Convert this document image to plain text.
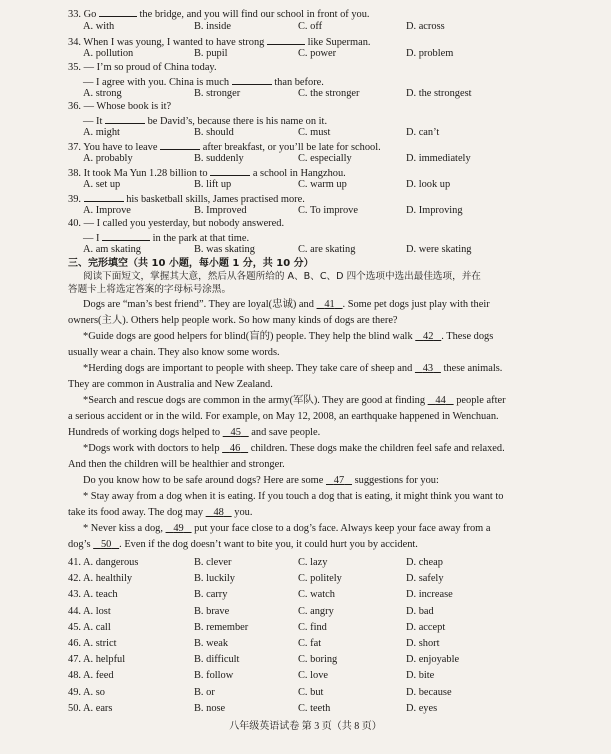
33. Go	the bridge, and you will find our school in front of you.
A. with	B. inside	C. off	D. across
34. When I was young, I wanted to have strong	like Superman.
A. pollution	B. pupil	C. power	D. problem
35. — I’m so proud of China today.
— I agree with you. China is much	than before.
A. strong	B. stronger	C. the stronger	D. the strongest
36. — Whose book is it?
— It	be David’s, because there is his name on it.
A. might	B. should	C. must	D. can’t
37. You have to leave	after breakfast, or you’ll be late for school.
A. probably	B. suddenly	C. especially	D. immediately
38. It took Ma Yun 1.28 billion to	a school in Hangzhou.
A. set up	B. lift up	C. warm up	D. look up
39.	his basketball skills, James practised more.
A. Improve	B. Improved	C. To improve	D. Improving
40. — I called you yesterday, but nobody answered.
— I	in the park at that time.
A. am skating	B. was skating	C. are skating	D. were skating
三、完形填空（共 10 小题，每小题 1 分，共 10 分）
阅读下面短文，掌握其大意，然后从各题所给的 A、B、C、D 四个选项中选出最佳选项，并在
答题卡上将选定答案的字母标号涂黑。
Dogs are “man’s best friend”. They are loyal(忠诚) and 41 . Some pet dogs just play with their
owners(主人). Others help people work. So how many kinds of dogs are there?
*Guide dogs are good helpers for blind(盲的) people. They help the blind walk 42 . These dogs
usually wear a chain. They also know some words.
*Herding dogs are important to people with sheep. They take care of sheep and 43 these animals.
They are common in Australia and New Zealand.
*Search and rescue dogs are common in the army(军队). They are good at finding 44 people after
a serious accident or in the wild. For example, on May 12, 2008, an earthquake happened in Wenchuan.
Hundreds of working dogs helped to 45 and save people.
*Dogs work with doctors to help 46 children. These dogs make the children feel safe and relaxed.
And then the children will be healthier and stronger.
Do you know how to be safe around dogs? Here are some 47 suggestions for you:
* Stay away from a dog when it is eating. If you touch a dog that is eating, it might think you want to
take its food away. The dog may 48 you.
* Never kiss a dog, 49 put your face close to a dog’s face. Always keep your face away from a
dog’s 50 . Even if the dog doesn’t want to bite you, it could hurt you by accident.
41. A. dangerous	B. clever	C. lazy	D. cheap
42. A. healthily	B. luckily	C. politely	D. safely
43. A. teach	B. carry	C. watch	D. increase
44. A. lost	B. brave	C. angry	D. bad
45. A. call	B. remember	C. find	D. accept
46. A. strict	B. weak	C. fat	D. short
47. A. helpful	B. difficult	C. boring	D. enjoyable
48. A. feed	B. follow	C. love	D. bite
49. A. so	B. or	C. but	D. because
50. A. ears	B. nose	C. teeth	D. eyes
八年级英语试卷 第 3 页（共 8 页）
